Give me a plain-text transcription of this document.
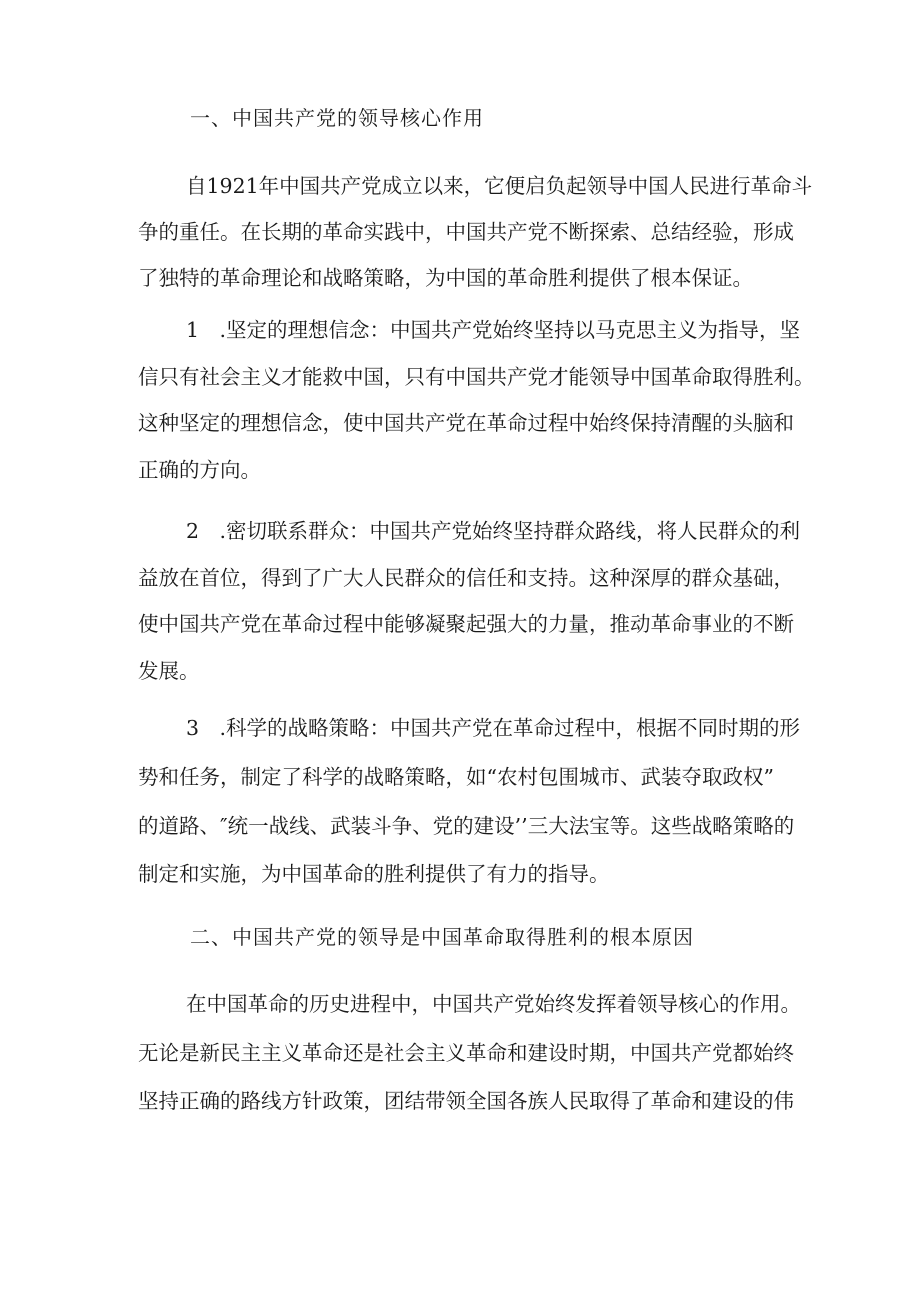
一、中国共产党的领导核心作用
自1921年中国共产党成立以来，它便启负起领导中国人民进行革命斗
争的重任。在长期的革命实践中，中国共产党不断探索、总结经验，形成
了独特的革命理论和战略策略，为中国的革命胜利提供了根本保证。
1　.坚定的理想信念：中国共产党始终坚持以马克思主义为指导，坚
信只有社会主义才能救中国，只有中国共产党才能领导中国革命取得胜利。
这种坚定的理想信念，使中国共产党在革命过程中始终保持清醒的头脑和
正确的方向。
2　.密切联系群众：中国共产党始终坚持群众路线，将人民群众的利
益放在首位，得到了广大人民群众的信任和支持。这种深厚的群众基础，
使中国共产党在革命过程中能够凝聚起强大的力量，推动革命事业的不断
发展。
3　.科学的战略策略：中国共产党在革命过程中，根据不同时期的形
势和任务，制定了科学的战略策略，如“农村包围城市、武装夺取政权”
的道路、″统一战线、武装斗争、党的建设’’三大法宝等。这些战略策略的
制定和实施，为中国革命的胜利提供了有力的指导。
二、中国共产党的领导是中国革命取得胜利的根本原因
在中国革命的历史进程中，中国共产党始终发挥着领导核心的作用。
无论是新民主主义革命还是社会主义革命和建设时期，中国共产党都始终
坚持正确的路线方针政策，团结带领全国各族人民取得了革命和建设的伟
